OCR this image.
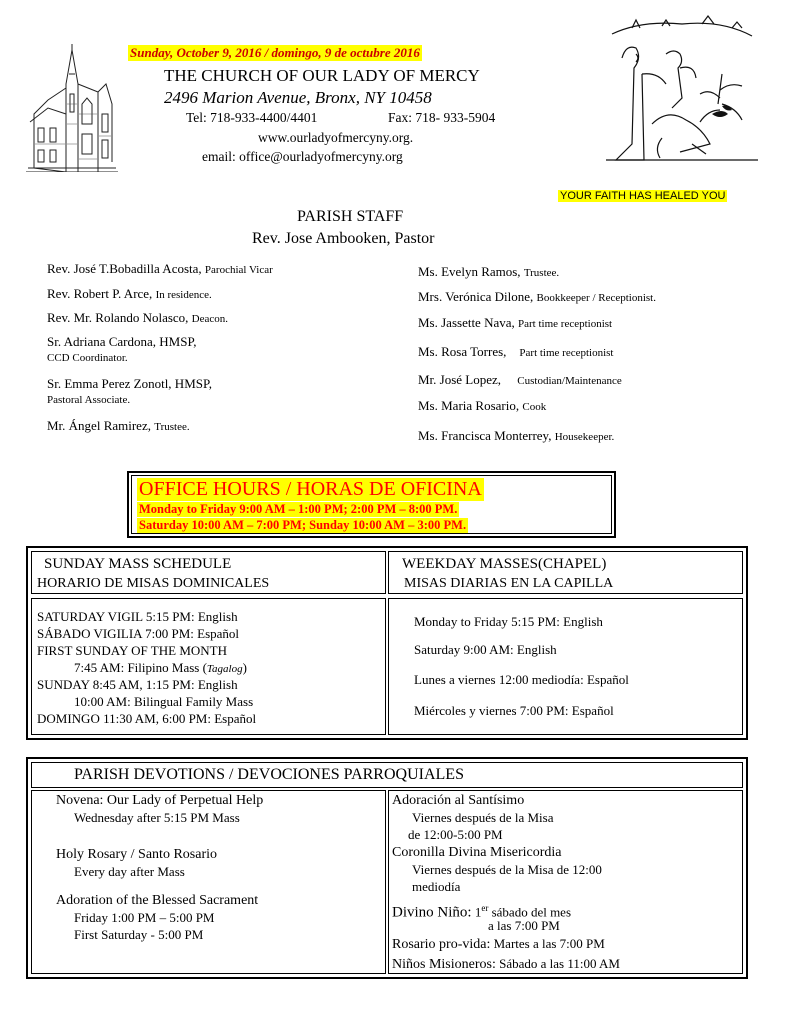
Sunday, October 9, 2016 / domingo, 9 de octubre 2016
THE CHURCH OF OUR LADY OF MERCY
2496 Marion Avenue, Bronx, NY 10458
Tel: 718-933-4400/4401	Fax: 718- 933-5904
www.ourladyofmercyny.org.
email: office@ourladyofmercyny.org
YOUR FAITH HAS HEALED YOU
PARISH STAFF
Rev. Jose Ambooken, Pastor
Rev. José T.Bobadilla Acosta, Parochial Vicar
Rev. Robert P. Arce, In residence.
Rev. Mr. Rolando Nolasco, Deacon.
Sr. Adriana Cardona, HMSP,
CCD Coordinator.
Sr. Emma Perez Zonotl, HMSP,
Pastoral Associate.
Mr. Ángel Ramirez, Trustee.
Ms. Evelyn Ramos, Trustee.
Mrs. Verónica Dilone, Bookkeeper / Receptionist.
Ms. Jassette Nava, Part time receptionist
Ms. Rosa Torres, Part time receptionist
Mr. José Lopez, Custodian/Maintenance
Ms. Maria Rosario, Cook
Ms. Francisca Monterrey, Housekeeper.
OFFICE HOURS / HORAS DE OFICINA
Monday to Friday 9:00 AM – 1:00 PM; 2:00 PM – 8:00 PM.
Saturday 10:00 AM – 7:00 PM; Sunday 10:00 AM – 3:00 PM.
SUNDAY MASS SCHEDULE
HORARIO DE MISAS DOMINICALES
WEEKDAY MASSES(CHAPEL)
MISAS DIARIAS EN LA CAPILLA
SATURDAY VIGIL 5:15 PM: English
SÁBADO VIGILIA 7:00 PM: Español
FIRST SUNDAY OF THE MONTH
7:45 AM: Filipino Mass (Tagalog)
SUNDAY 8:45 AM, 1:15 PM: English
10:00 AM: Bilingual Family Mass
DOMINGO 11:30 AM, 6:00 PM: Español
Monday to Friday 5:15 PM: English
Saturday 9:00 AM: English
Lunes a viernes 12:00 mediodía: Español
Miércoles y viernes 7:00 PM: Español
PARISH DEVOTIONS / DEVOCIONES PARROQUIALES
Novena: Our Lady of Perpetual Help
Wednesday after 5:15 PM Mass
Holy Rosary / Santo Rosario
Every day after Mass
Adoration of the Blessed Sacrament
Friday 1:00 PM – 5:00 PM
First Saturday - 5:00 PM
Adoración al Santísimo
Viernes después de la Misa
de 12:00-5:00 PM
Coronilla Divina Misericordia
Viernes después de la Misa de 12:00
mediodía
Divino Niño: 1er sábado del mes
a las 7:00 PM
Rosario pro-vida: Martes a las 7:00 PM
Niños Misioneros: Sábado a las 11:00 AM
